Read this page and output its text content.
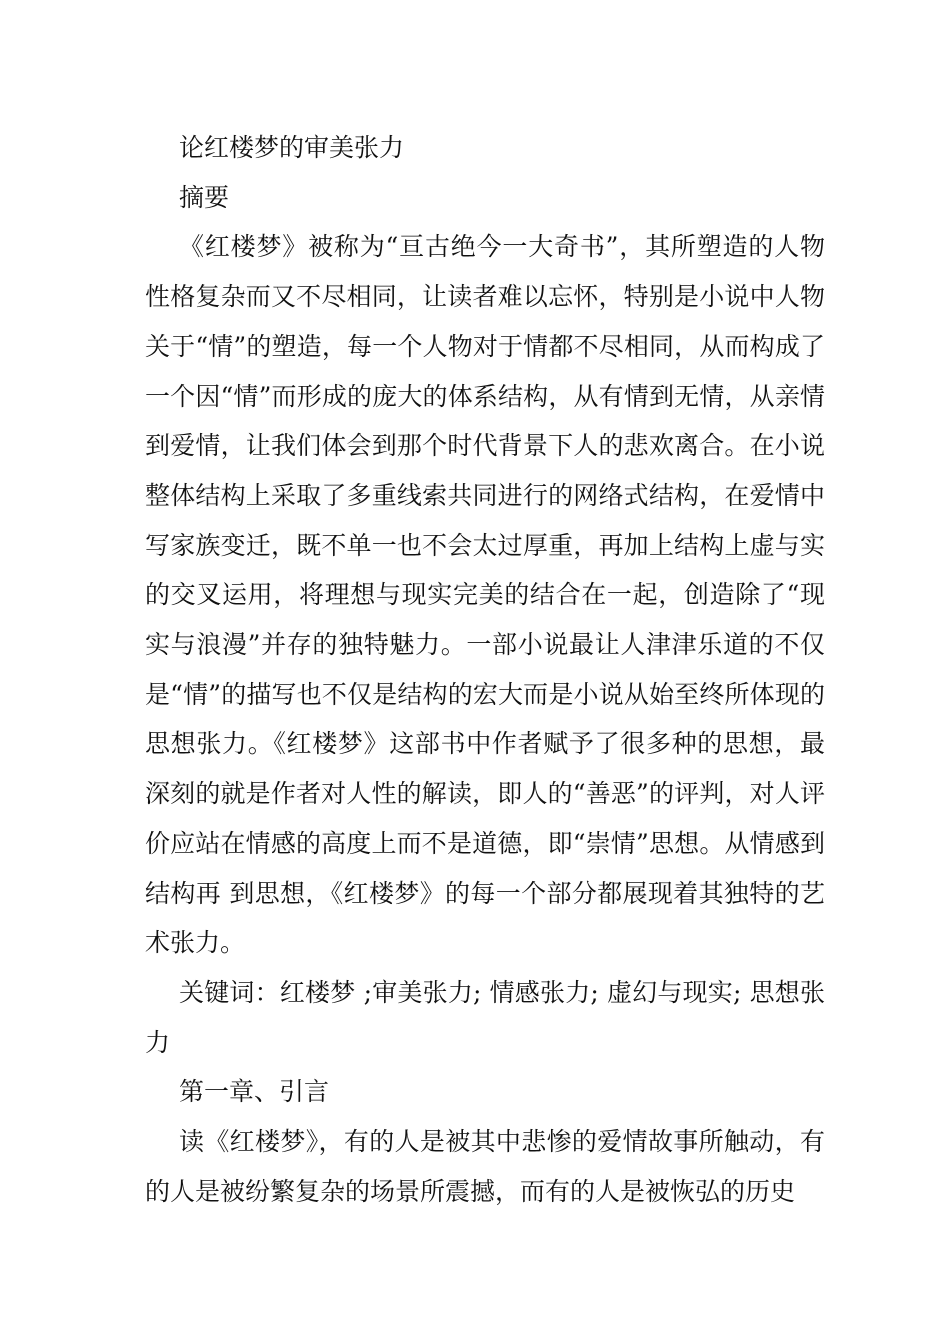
论红楼梦的审美张力

摘要

《红楼梦》被称为“亘古绝今一大奇书”，其所塑造的人物性格复杂而又不尽相同，让读者难以忘怀，特别是小说中人物关于“情”的塑造，每一个人物对于情都不尽相同，从而构成了一个因“情”而形成的庞大的体系结构，从有情到无情，从亲情到爱情，让我们体会到那个时代背景下人的悲欢离合。在小说整体结构上采取了多重线索共同进行的网络式结构，在爱情中写家族变迁，既不单一也不会太过厚重，再加上结构上虚与实的交叉运用，将理想与现实完美的结合在一起，创造除了“现实与浪漫”并存的独特魅力。一部小说最让人津津乐道的不仅是“情”的描写也不仅是结构的宏大而是小说从始至终所体现的思想张力。《红楼梦》这部书中作者赋予了很多种的思想，最深刻的就是作者对人性的解读，即人的“善恶”的评判，对人评价应站在情感的高度上而不是道德，即“崇情”思想。从情感到结构再 到思想，《红楼梦》的每一个部分都展现着其独特的艺术张力。

关键词：红楼梦 ;审美张力; 情感张力; 虚幻与现实; 思想张力

第一章、引言

读《红楼梦》，有的人是被其中悲惨的爱情故事所触动，有的人是被纷繁复杂的场景所震撼，而有的人是被恢弘的历史
